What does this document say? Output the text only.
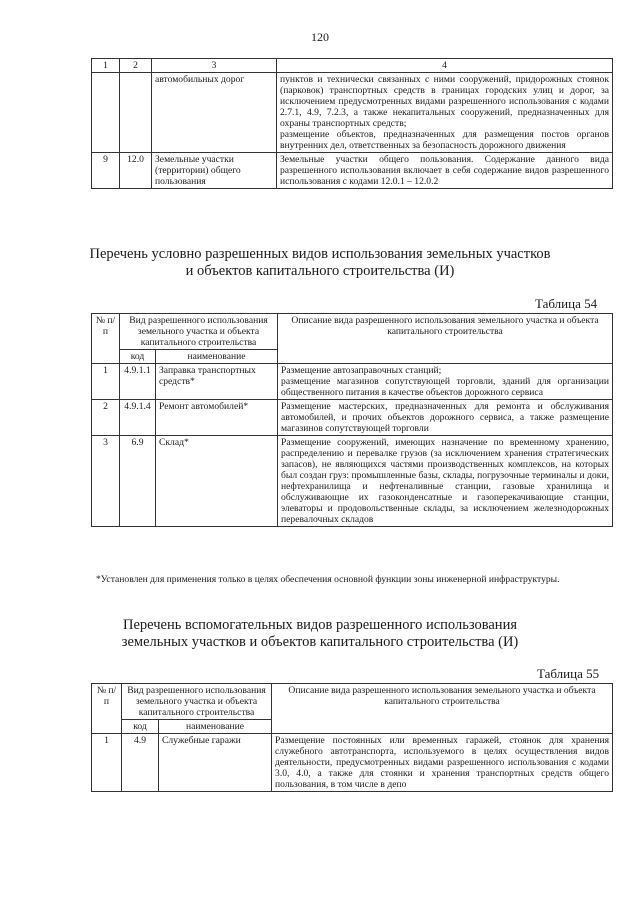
120
1	2	3	4
		автомобильных дорог	пунктов и технически связанных с ними сооружений, придорожных стоянок (парковок) транспортных средств в границах городских улиц и дорог, за исключением предусмотренных видами разрешенного использования с кодами 2.7.1, 4.9, 7.2.3, а также некапитальных сооружений, предназначенных для охраны транспортных средств;
размещение объектов, предназначенных для размещения постов органов внутренних дел, ответственных за безопасность дорожного движения

9	12.0	Земельные участки (территории) общего пользования	Земельные участки общего пользования. Содержание данного вида разрешенного использования включает в себя содержание видов разрешенного использования с кодами 12.0.1 – 12.0.2
Перечень условно разрешенных видов использования земельных участков
и объектов капитального строительства (И)
Таблица 54
№ п/п	Вид разрешенного использования земельного участка и объекта капитального строительства		Описание вида разрешенного использования земельного участка и объекта капитального строительства
	код	наименование	
1	4.9.1.1	Заправка транспортных средств*	Размещение автозаправочных станций;
размещение магазинов сопутствующей торговли, зданий для организации общественного питания в качестве объектов дорожного сервиса

2	4.9.1.4	Ремонт автомобилей*	Размещение мастерских, предназначенных для ремонта и обслуживания автомобилей, и прочих объектов дорожного сервиса, а также размещение магазинов сопутствующей торговли

3	6.9	Склад*	Размещение сооружений, имеющих назначение по временному хранению, распределению и перевалке грузов (за исключением хранения стратегических запасов), не являющихся частями производственных комплексов, на которых был создан груз: промышленные базы, склады, погрузочные терминалы и доки, нефтехранилища и нефтеналивные станции, газовые хранилища и обслуживающие их газоконденсатные и газоперекачивающие станции, элеваторы и продовольственные склады, за исключением железнодорожных перевалочных складов
*Установлен для применения только в целях обеспечения основной функции зоны инженерной инфраструктуры.
Перечень вспомогательных видов разрешенного использования
земельных участков и объектов капитального строительства (И)
Таблица 55
№ п/п	Вид разрешенного использования земельного участка и объекта капитального строительства		Описание вида разрешенного использования земельного участка и объекта капитального строительства
	код	наименование	
1	4.9	Служебные гаражи	Размещение постоянных или временных гаражей, стоянок для хранения служебного автотранспорта, используемого в целях осуществления видов деятельности, предусмотренных видами разрешенного использования с кодами 3.0, 4.0, а также для стоянки и хранения транспортных средств общего пользования, в том числе в депо
